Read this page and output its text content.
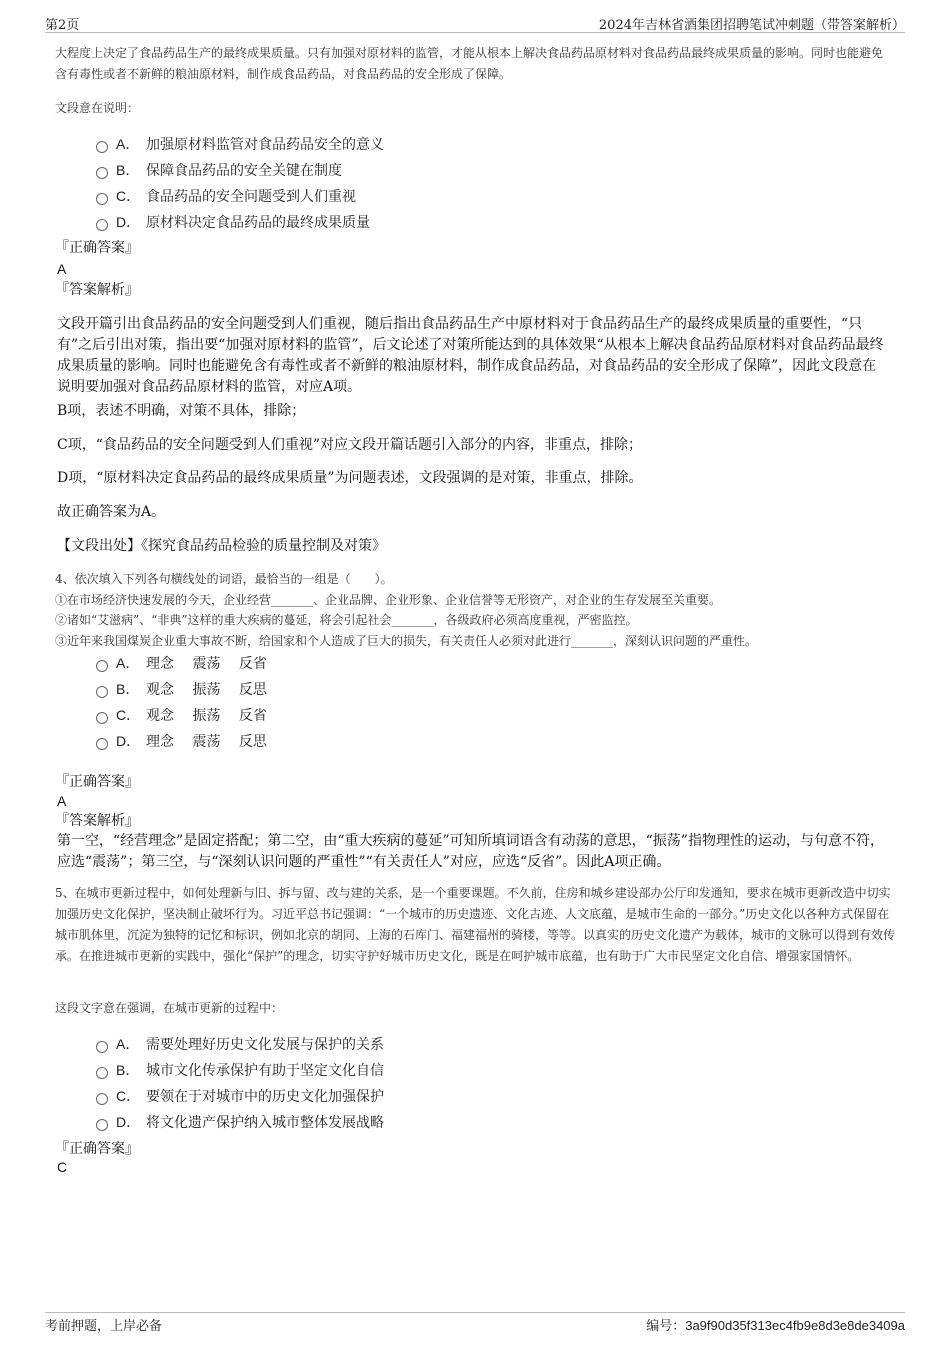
第2页	2024年吉林省酒集团招聘笔试冲刺题（带答案解析）
大程度上决定了食品药品生产的最终成果质量。只有加强对原材料的监管，才能从根本上解决食品药品原材料对食品药品最终成果质量的影响。同时也能避免含有毒性或者不新鲜的粮油原材料，制作成食品药品，对食品药品的安全形成了保障。
文段意在说明：
A． 加强原材料监管对食品药品安全的意义
B． 保障食品药品的安全关键在制度
C． 食品药品的安全问题受到人们重视
D． 原材料决定食品药品的最终成果质量
『正确答案』
A
『答案解析』
文段开篇引出食品药品的安全问题受到人们重视，随后指出食品药品生产中原材料对于食品药品生产的最终成果质量的重要性，“只有”之后引出对策，指出要“加强对原材料的监管”，后文论述了对策所能达到的具体效果“从根本上解决食品药品原材料对食品药品最终成果质量的影响。同时也能避免含有毒性或者不新鲜的粮油原材料，制作成食品药品，对食品药品的安全形成了保障”，因此文段意在说明要加强对食品药品原材料的监管，对应A项。
B项，表述不明确，对策不具体，排除；
C项，“食品药品的安全问题受到人们重视”对应文段开篇话题引入部分的内容，非重点，排除；
D项，“原材料决定食品药品的最终成果质量”为问题表述，文段强调的是对策，非重点，排除。
故正确答案为A。
【文段出处】《探究食品药品检验的质量控制及对策》
4、依次填入下列各句横线处的词语，最恰当的一组是（　　）。
①在市场经济快速发展的今天，企业经营_______、企业品牌、企业形象、企业信誉等无形资产，对企业的生存发展至关重要。
②诸如“艾滋病”、“非典”这样的重大疾病的蔓延，将会引起社会_______，各级政府必须高度重视，严密监控。
③近年来我国煤炭企业重大事故不断，给国家和个人造成了巨大的损失，有关责任人必须对此进行_______，深刻认识问题的严重性。
A． 理念　 震荡　 反省
B． 观念　 振荡　 反思
C． 观念　 振荡　 反省
D． 理念　 震荡　 反思
『正确答案』
A
『答案解析』
第一空，“经营理念”是固定搭配；第二空，由“重大疾病的蔓延”可知所填词语含有动荡的意思，“振荡”指物理性的运动，与句意不符，应选“震荡”；第三空，与“深刻认识问题的严重性”“有关责任人”对应，应选“反省”。因此A项正确。
5、在城市更新过程中，如何处理新与旧、拆与留、改与建的关系，是一个重要课题。不久前，住房和城乡建设部办公厅印发通知，要求在城市更新改造中切实加强历史文化保护，坚决制止破坏行为。习近平总书记强调：“一个城市的历史遗迹、文化古迹、人文底蕴，是城市生命的一部分。”历史文化以各种方式保留在城市肌体里，沉淀为独特的记忆和标识，例如北京的胡同、上海的石库门、福建福州的骑楼，等等。以真实的历史文化遗产为载体，城市的文脉可以得到有效传承。在推进城市更新的实践中，强化“保护”的理念，切实守护好城市历史文化，既是在呵护城市底蕴，也有助于广大市民坚定文化自信、增强家国情怀。
这段文字意在强调，在城市更新的过程中：
A． 需要处理好历史文化发展与保护的关系
B． 城市文化传承保护有助于坚定文化自信
C． 要领在于对城市中的历史文化加强保护
D． 将文化遗产保护纳入城市整体发展战略
『正确答案』
C
考前押题，上岸必备	编号：3a9f90d35f313ec4fb9e8d3e8de3409a
